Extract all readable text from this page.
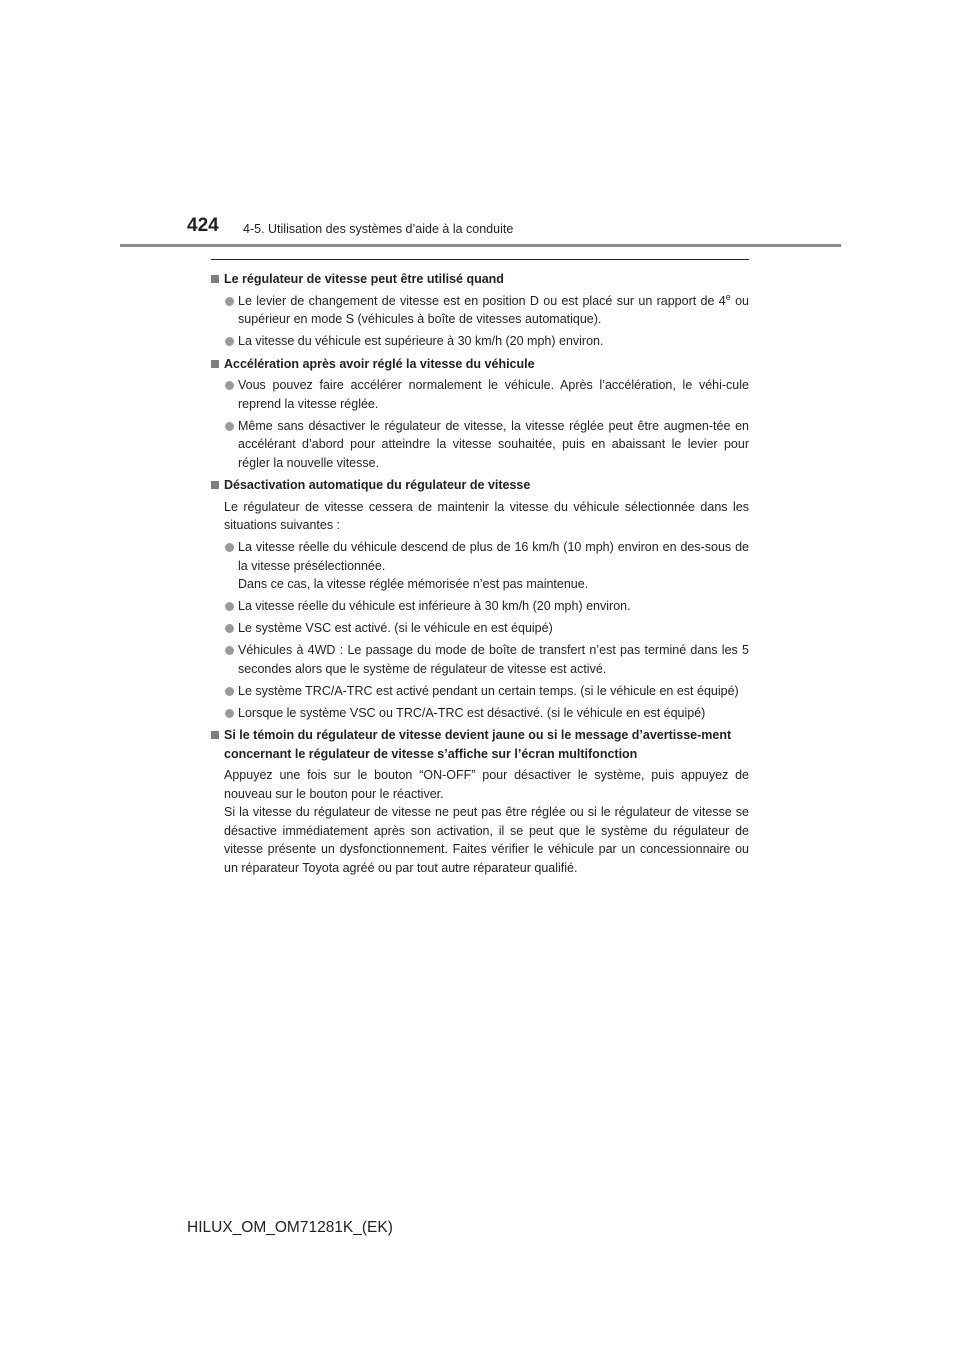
424 4-5. Utilisation des systèmes d’aide à la conduite
Le régulateur de vitesse peut être utilisé quand
Le levier de changement de vitesse est en position D ou est placé sur un rapport de 4e ou supérieur en mode S (véhicules à boîte de vitesses automatique).
La vitesse du véhicule est supérieure à 30 km/h (20 mph) environ.
Accélération après avoir réglé la vitesse du véhicule
Vous pouvez faire accélérer normalement le véhicule. Après l’accélération, le véhi-cule reprend la vitesse réglée.
Même sans désactiver le régulateur de vitesse, la vitesse réglée peut être augmen-tée en accélérant d’abord pour atteindre la vitesse souhaitée, puis en abaissant le levier pour régler la nouvelle vitesse.
Désactivation automatique du régulateur de vitesse
Le régulateur de vitesse cessera de maintenir la vitesse du véhicule sélectionnée dans les situations suivantes :
La vitesse réelle du véhicule descend de plus de 16 km/h (10 mph) environ en des-sous de la vitesse présélectionnée.
Dans ce cas, la vitesse réglée mémorisée n’est pas maintenue.
La vitesse réelle du véhicule est inférieure à 30 km/h (20 mph) environ.
Le système VSC est activé. (si le véhicule en est équipé)
Véhicules à 4WD : Le passage du mode de boîte de transfert n’est pas terminé dans les 5 secondes alors que le système de régulateur de vitesse est activé.
Le système TRC/A-TRC est activé pendant un certain temps. (si le véhicule en est équipé)
Lorsque le système VSC ou TRC/A-TRC est désactivé. (si le véhicule en est équipé)
Si le témoin du régulateur de vitesse devient jaune ou si le message d’avertisse-ment concernant le régulateur de vitesse s’affiche sur l’écran multifonction
Appuyez une fois sur le bouton “ON-OFF” pour désactiver le système, puis appuyez de nouveau sur le bouton pour le réactiver.
Si la vitesse du régulateur de vitesse ne peut pas être réglée ou si le régulateur de vitesse se désactive immédiatement après son activation, il se peut que le système du régulateur de vitesse présente un dysfonctionnement. Faites vérifier le véhicule par un concessionnaire ou un réparateur Toyota agréé ou par tout autre réparateur qualifié.
HILUX_OM_OM71281K_(EK)
